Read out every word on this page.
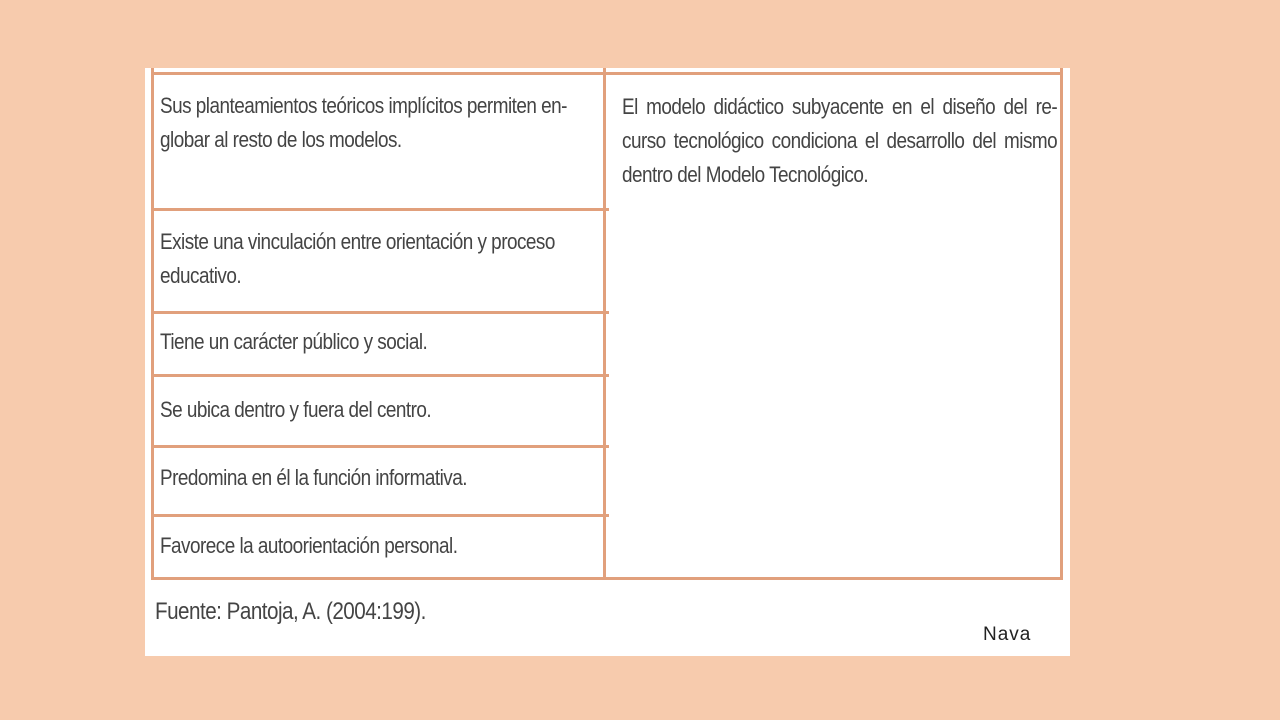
Sus planteamientos teóricos implícitos permiten en-globar al resto de los modelos.
Existe una vinculación entre orientación y proceso educativo.
Tiene un carácter público y social.
Se ubica dentro y fuera del centro.
Predomina en él la función informativa.
Favorece la autoorientación personal.
El modelo didáctico subyacente en el diseño del re-curso tecnológico condiciona el desarrollo del mismo dentro del Modelo Tecnológico.
Fuente: Pantoja, A. (2004:199).
Nava
